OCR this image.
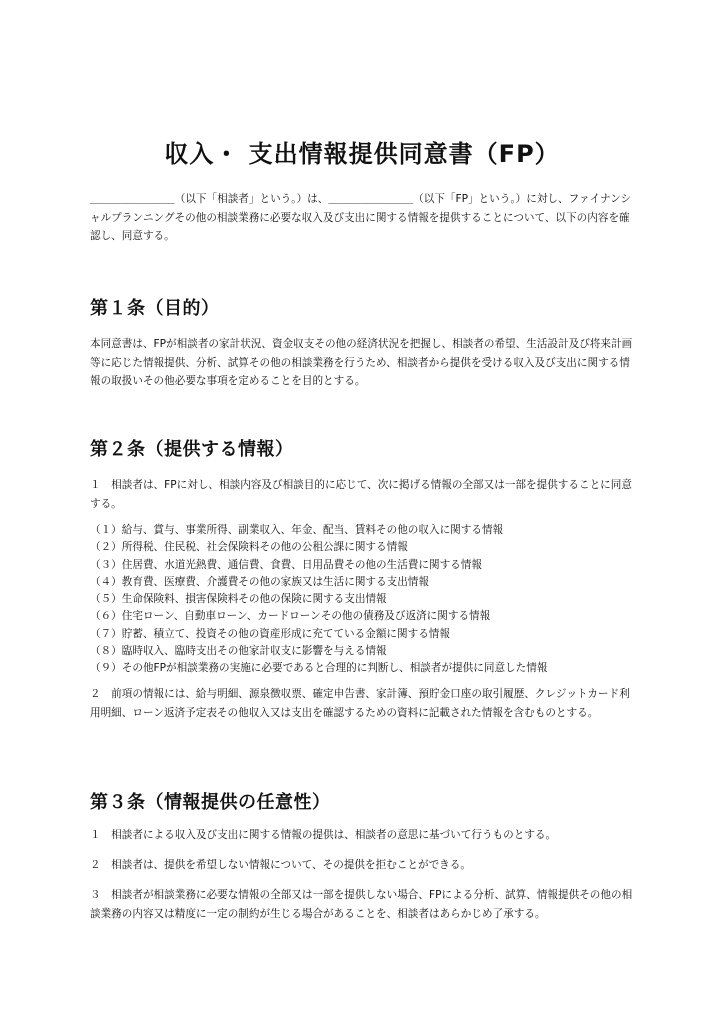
収入・ 支出情報提供同意書（FP）

＿＿＿＿＿＿＿＿（以下「相談者」という。）は、＿＿＿＿＿＿＿＿（以下「FP」という。）に対し、ファイナンシャルプランニングその他の相談業務に必要な収入及び支出に関する情報を提供することについて、以下の内容を確認し、同意する。

第１条（目的）

本同意書は、FPが相談者の家計状況、資金収支その他の経済状況を把握し、相談者の希望、生活設計及び将来計画等に応じた情報提供、分析、試算その他の相談業務を行うため、相談者から提供を受ける収入及び支出に関する情報の取扱いその他必要な事項を定めることを目的とする。

第２条（提供する情報）

１　相談者は、FPに対し、相談内容及び相談目的に応じて、次に掲げる情報の全部又は一部を提供することに同意する。

（１）給与、賞与、事業所得、副業収入、年金、配当、賃料その他の収入に関する情報
（２）所得税、住民税、社会保険料その他の公租公課に関する情報
（３）住居費、水道光熱費、通信費、食費、日用品費その他の生活費に関する情報
（４）教育費、医療費、介護費その他の家族又は生活に関する支出情報
（５）生命保険料、損害保険料その他の保険に関する支出情報
（６）住宅ローン、自動車ローン、カードローンその他の債務及び返済に関する情報
（７）貯蓄、積立て、投資その他の資産形成に充てている金額に関する情報
（８）臨時収入、臨時支出その他家計収支に影響を与える情報
（９）その他FPが相談業務の実施に必要であると合理的に判断し、相談者が提供に同意した情報

２　前項の情報には、給与明細、源泉徴収票、確定申告書、家計簿、預貯金口座の取引履歴、クレジットカード利用明細、ローン返済予定表その他収入又は支出を確認するための資料に記載された情報を含むものとする。

第３条（情報提供の任意性）

１　相談者による収入及び支出に関する情報の提供は、相談者の意思に基づいて行うものとする。

２　相談者は、提供を希望しない情報について、その提供を拒むことができる。

３　相談者が相談業務に必要な情報の全部又は一部を提供しない場合、FPによる分析、試算、情報提供その他の相談業務の内容又は精度に一定の制約が生じる場合があることを、相談者はあらかじめ了承する。
